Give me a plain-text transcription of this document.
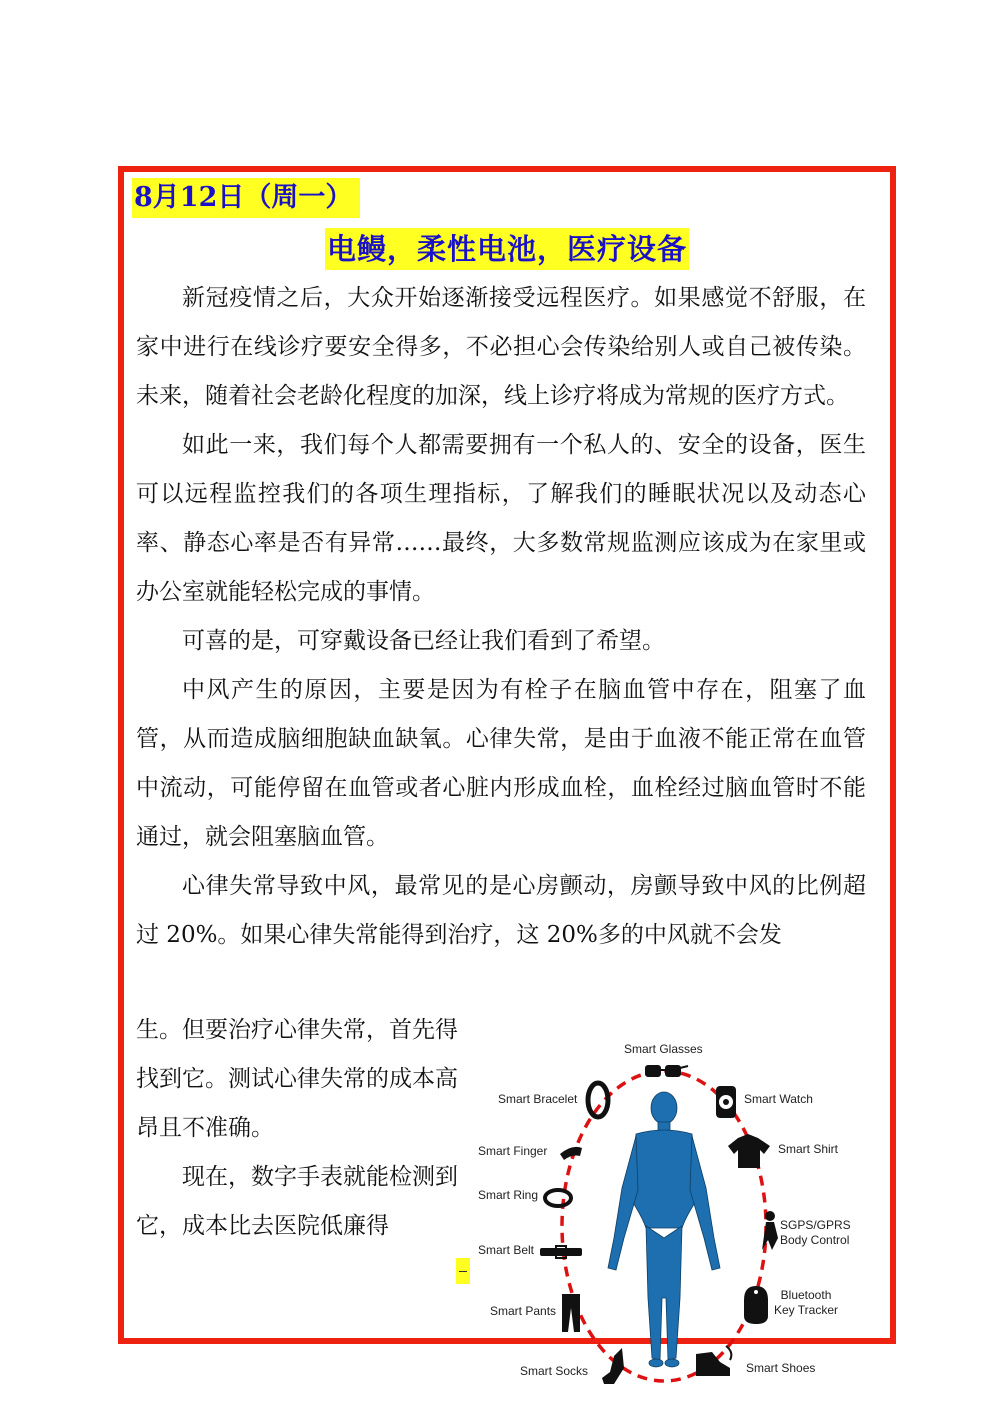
8月12日（周一）
电鳗，柔性电池，医疗设备

新冠疫情之后，大众开始逐渐接受远程医疗。如果感觉不舒服，在家中进行在线诊疗要安全得多，不必担心会传染给别人或自己被传染。未来，随着社会老龄化程度的加深，线上诊疗将成为常规的医疗方式。

如此一来，我们每个人都需要拥有一个私人的、安全的设备，医生可以远程监控我们的各项生理指标，了解我们的睡眠状况以及动态心率、静态心率是否有异常……最终，大多数常规监测应该成为在家里或办公室就能轻松完成的事情。

可喜的是，可穿戴设备已经让我们看到了希望。

中风产生的原因，主要是因为有栓子在脑血管中存在，阻塞了血管，从而造成脑细胞缺血缺氧。心律失常，是由于血液不能正常在血管中流动，可能停留在血管或者心脏内形成血栓，血栓经过脑血管时不能通过，就会阻塞脑血管。

心律失常导致中风，最常见的是心房颤动，房颤导致中风的比例超过 20%。如果心律失常能得到治疗，这 20%多的中风就不会发

生。但要治疗心律失常，首先得找到它。测试心律失常的成本高昂且不准确。

现在，数字手表就能检测到它，成本比去医院低廉得

Smart Glasses
Smart Watch
Smart Bracelet
Smart Shirt
Smart Finger
Smart Ring
SGPS/GPRS
Body Control
Smart Belt
Bluetooth
Key Tracker
Smart Pants
Smart Socks	Smart Shoes
